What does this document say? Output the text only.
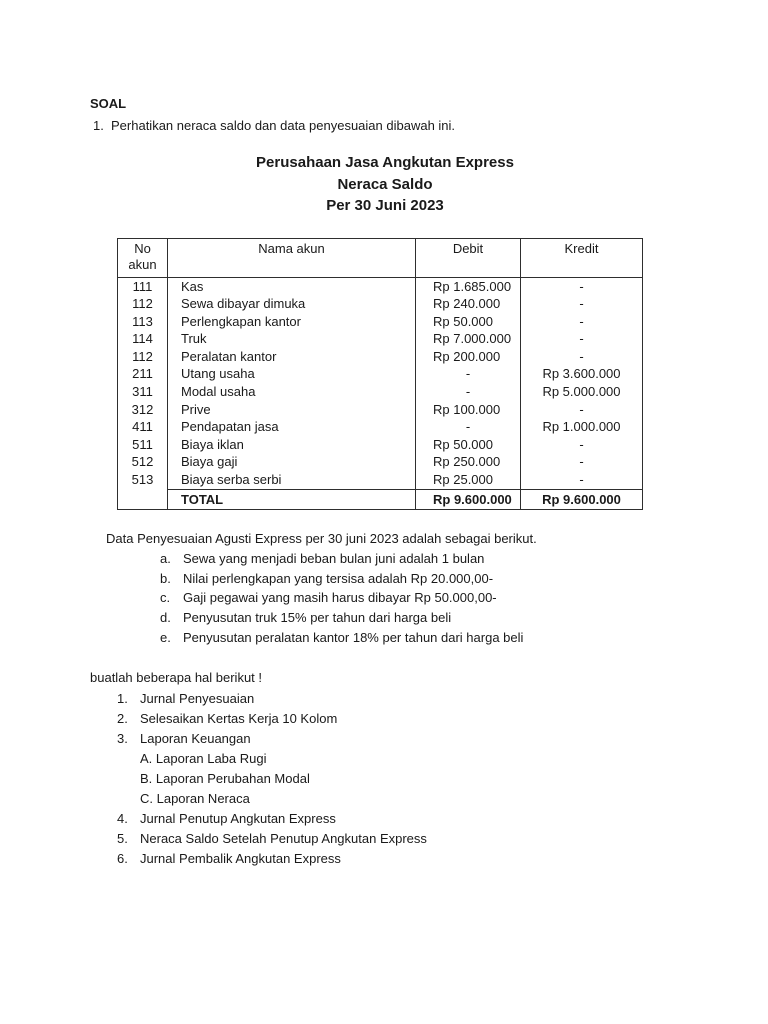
SOAL
1. Perhatikan neraca saldo dan data penyesuaian dibawah ini.
Perusahaan Jasa Angkutan Express
Neraca Saldo
Per 30 Juni 2023
No akun	Nama akun	Debit	Kredit
111	Kas	Rp 1.685.000	-
112	Sewa dibayar dimuka	Rp 240.000	-
113	Perlengkapan kantor	Rp 50.000	-
114	Truk	Rp 7.000.000	-
112	Peralatan kantor	Rp 200.000	-
211	Utang usaha	-	Rp 3.600.000
311	Modal usaha	-	Rp 5.000.000
312	Prive	Rp 100.000	-
411	Pendapatan jasa	-	Rp 1.000.000
511	Biaya iklan	Rp 50.000	-
512	Biaya gaji	Rp 250.000	-
513	Biaya serba serbi	Rp 25.000	-
	TOTAL	Rp 9.600.000	Rp 9.600.000
Data Penyesuaian Agusti Express per 30 juni 2023 adalah sebagai berikut.
a. Sewa yang menjadi beban bulan juni adalah 1 bulan
b. Nilai perlengkapan yang tersisa adalah Rp 20.000,00-
c. Gaji pegawai yang masih harus dibayar Rp 50.000,00-
d. Penyusutan truk 15% per tahun dari harga beli
e. Penyusutan peralatan kantor 18% per tahun dari harga beli
buatlah beberapa hal berikut !
1. Jurnal Penyesuaian
2. Selesaikan Kertas Kerja 10 Kolom
3. Laporan Keuangan
A. Laporan Laba Rugi
B. Laporan Perubahan Modal
C. Laporan Neraca
4. Jurnal Penutup Angkutan Express
5. Neraca Saldo Setelah Penutup Angkutan Express
6. Jurnal Pembalik Angkutan Express
